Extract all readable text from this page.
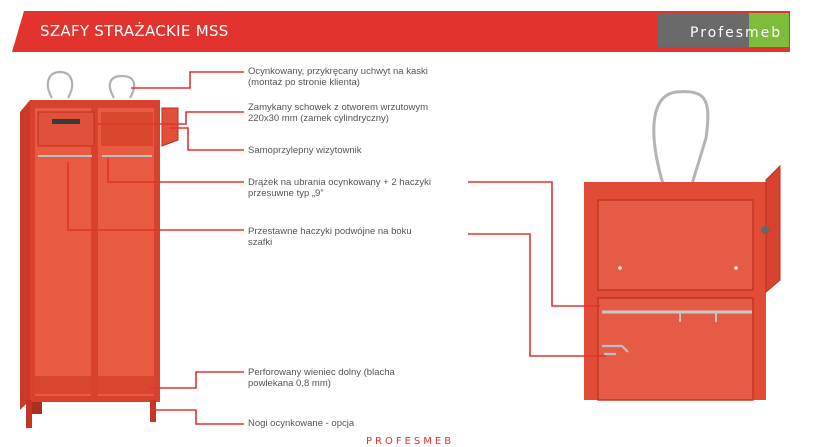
SZAFY STRAŻACKIE MSS	Profesmeb
Ocynkowany, przykręcany uchwyt na kaski
(montaż po stronie klienta)
Zamykany schowek z otworem wrzutowym
220x30 mm (zamek cylindryczny)
Samoprzylepny wizytownik
Drążek na ubrania ocynkowany + 2 haczyki
przesuwne typ „9”
Przestawne haczyki podwójne na boku
szafki
Perforowany wieniec dolny (blacha
powlekana 0,8 mm)
Nogi ocynkowane - opcja
PROFESMEB
